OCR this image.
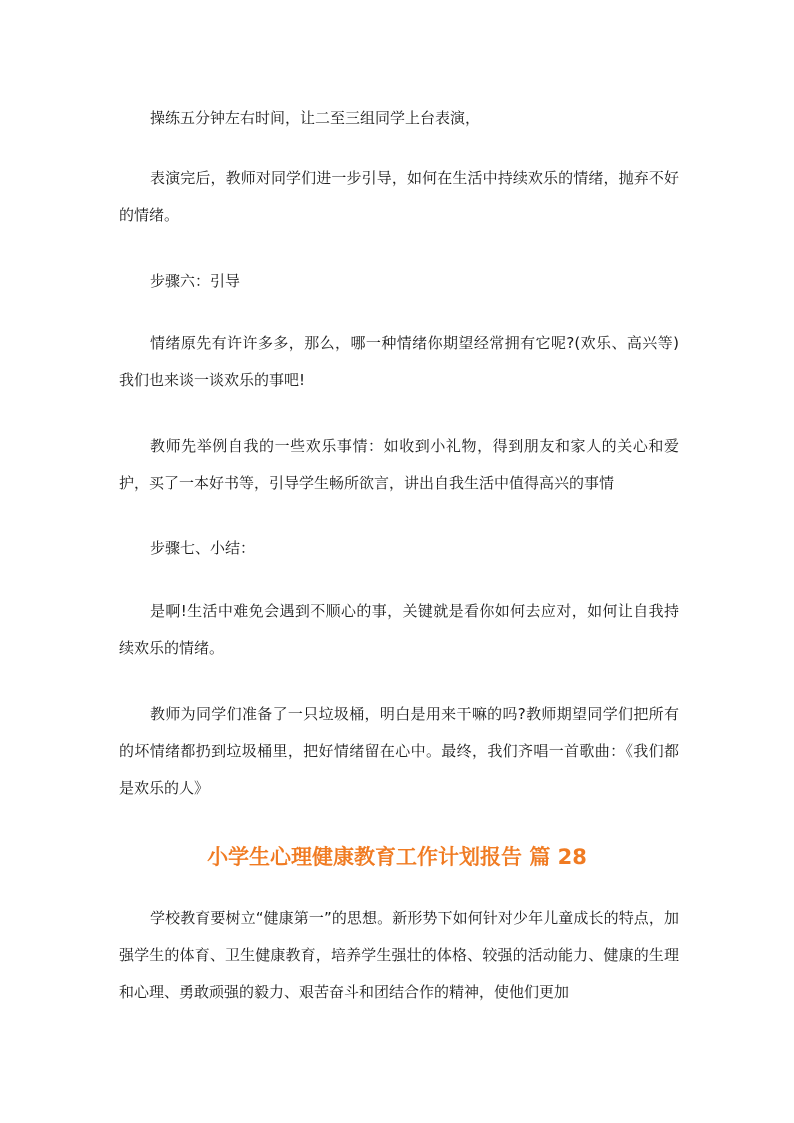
操练五分钟左右时间，让二至三组同学上台表演，

表演完后，教师对同学们进一步引导，如何在生活中持续欢乐的情绪，抛弃不好的情绪。

步骤六：引导

情绪原先有许许多多，那么，哪一种情绪你期望经常拥有它呢?(欢乐、高兴等)我们也来谈一谈欢乐的事吧!

教师先举例自我的一些欢乐事情：如收到小礼物，得到朋友和家人的关心和爱护，买了一本好书等，引导学生畅所欲言，讲出自我生活中值得高兴的事情

步骤七、小结：

是啊!生活中难免会遇到不顺心的事，关键就是看你如何去应对，如何让自我持续欢乐的情绪。

教师为同学们准备了一只垃圾桶，明白是用来干嘛的吗?教师期望同学们把所有的坏情绪都扔到垃圾桶里，把好情绪留在心中。最终，我们齐唱一首歌曲：《我们都是欢乐的人》

小学生心理健康教育工作计划报告 篇 28

学校教育要树立“健康第一”的思想。新形势下如何针对少年儿童成长的特点，加强学生的体育、卫生健康教育，培养学生强壮的体格、较强的活动能力、健康的生理和心理、勇敢顽强的毅力、艰苦奋斗和团结合作的精神，使他们更加
